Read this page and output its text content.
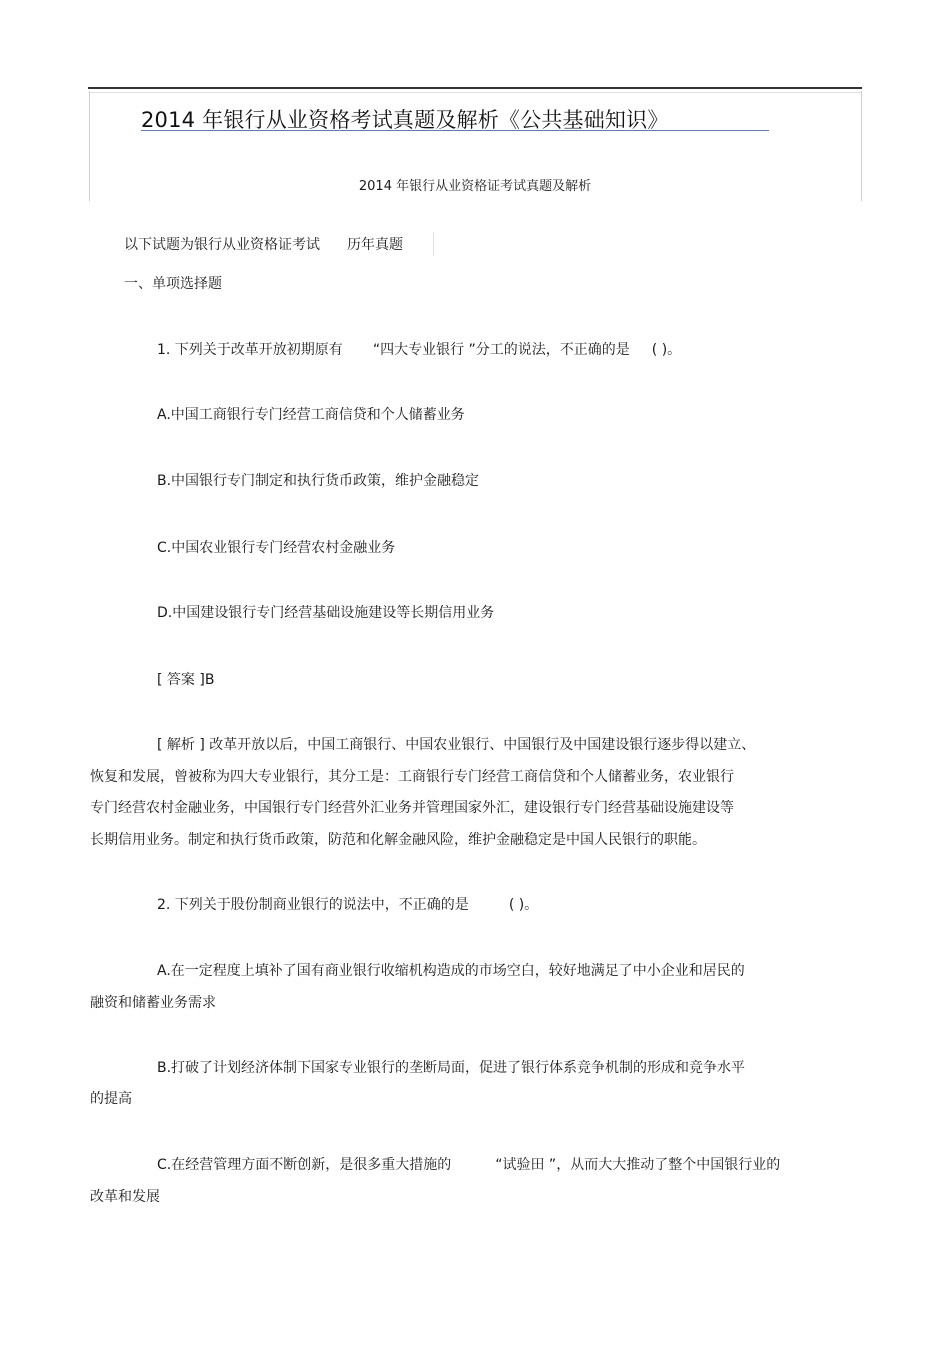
2014 年银行从业资格考试真题及解析《公共基础知识》
2014 年银行从业资格证考试真题及解析
以下试题为银行从业资格证考试 历年真题
一、单项选择题
1. 下列关于改革开放初期原有 “四大专业银行 ”分工的说法，不正确的是 ( )。
A.中国工商银行专门经营工商信贷和个人储蓄业务
B.中国银行专门制定和执行货币政策，维护金融稳定
C.中国农业银行专门经营农村金融业务
D.中国建设银行专门经营基础设施建设等长期信用业务
[ 答案 ]B
[ 解析 ] 改革开放以后，中国工商银行、中国农业银行、中国银行及中国建设银行逐步得以建立、
恢复和发展，曾被称为四大专业银行，其分工是：工商银行专门经营工商信贷和个人储蓄业务，农业银行
专门经营农村金融业务，中国银行专门经营外汇业务并管理国家外汇，建设银行专门经营基础设施建设等
长期信用业务。制定和执行货币政策，防范和化解金融风险，维护金融稳定是中国人民银行的职能。
2. 下列关于股份制商业银行的说法中，不正确的是	( )。
A.在一定程度上填补了国有商业银行收缩机构造成的市场空白，较好地满足了中小企业和居民的
融资和储蓄业务需求
B.打破了计划经济体制下国家专业银行的垄断局面，促进了银行体系竞争机制的形成和竞争水平
的提高
C.在经营管理方面不断创新，是很多重大措施的	“试验田 ”，从而大大推动了整个中国银行业的
改革和发展
